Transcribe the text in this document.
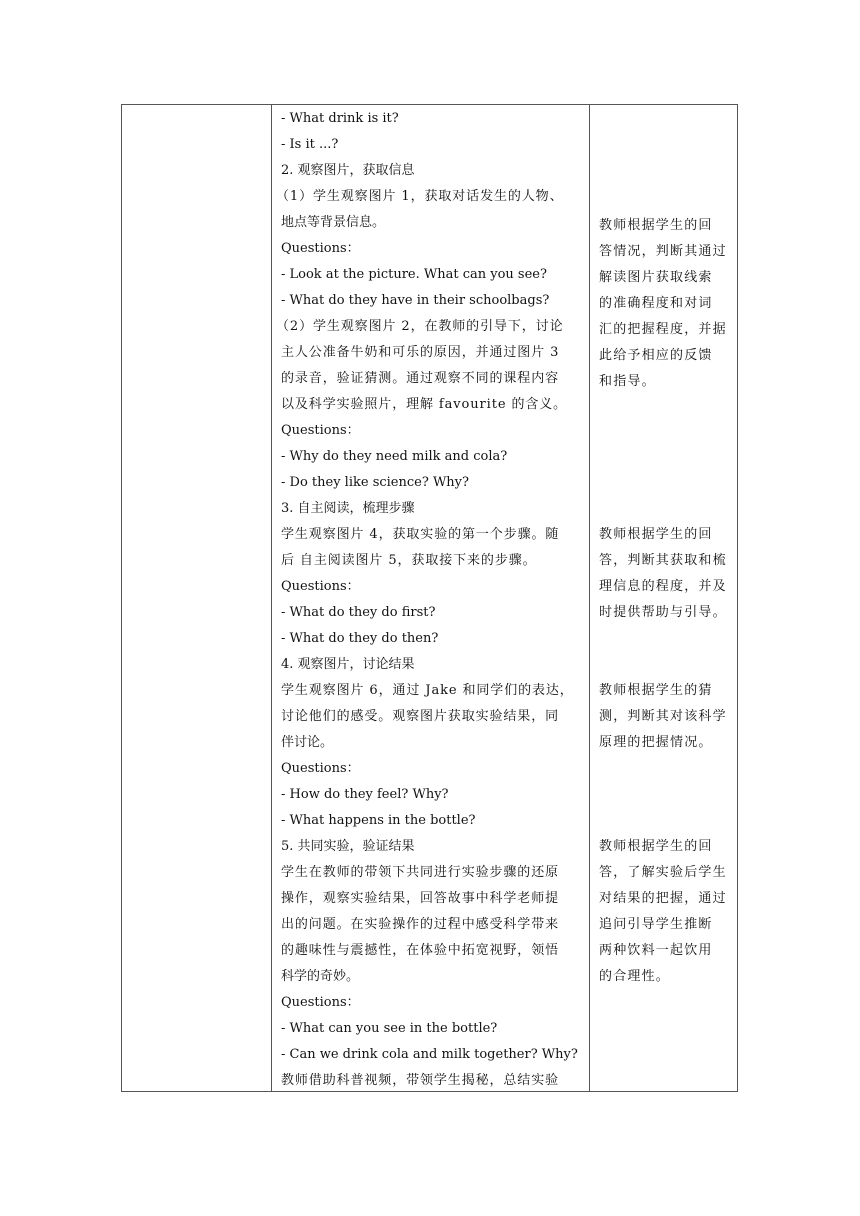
- What drink is it?
- Is it ...?
2. 观察图片，获取信息
（1）学生观察图片 1，获取对话发生的人物、
地点等背景信息。
Questions：
- Look at the picture. What can you see?
- What do they have in their schoolbags?
（2）学生观察图片 2，在教师的引导下，讨论
主人公准备牛奶和可乐的原因，并通过图片 3
的录音，验证猜测。通过观察不同的课程内容
以及科学实验照片，理解 favourite 的含义。
Questions：
- Why do they need milk and cola?
- Do they like science? Why?
3. 自主阅读，梳理步骤
学生观察图片 4，获取实验的第一个步骤。随
后 自主阅读图片 5，获取接下来的步骤。
Questions：
- What do they do first?
- What do they do then?
4. 观察图片，讨论结果
学生观察图片 6，通过 Jake 和同学们的表达，
讨论他们的感受。观察图片获取实验结果，同
伴讨论。
Questions：
- How do they feel? Why?
- What happens in the bottle?
5. 共同实验，验证结果
学生在教师的带领下共同进行实验步骤的还原
操作，观察实验结果，回答故事中科学老师提
出的问题。在实验操作的过程中感受科学带来
的趣味性与震撼性，在体验中拓宽视野，领悟
科学的奇妙。
Questions：
- What can you see in the bottle?
- Can we drink cola and milk together? Why?
教师借助科普视频，带领学生揭秘，总结实验
教师根据学生的回
答情况，判断其通过
解读图片获取线索
的准确程度和对词
汇的把握程度，并据
此给予相应的反馈
和指导。
教师根据学生的回
答，判断其获取和梳
理信息的程度，并及
时提供帮助与引导。
教师根据学生的猜
测，判断其对该科学
原理的把握情况。
教师根据学生的回
答，了解实验后学生
对结果的把握，通过
追问引导学生推断
两种饮料一起饮用
的合理性。
